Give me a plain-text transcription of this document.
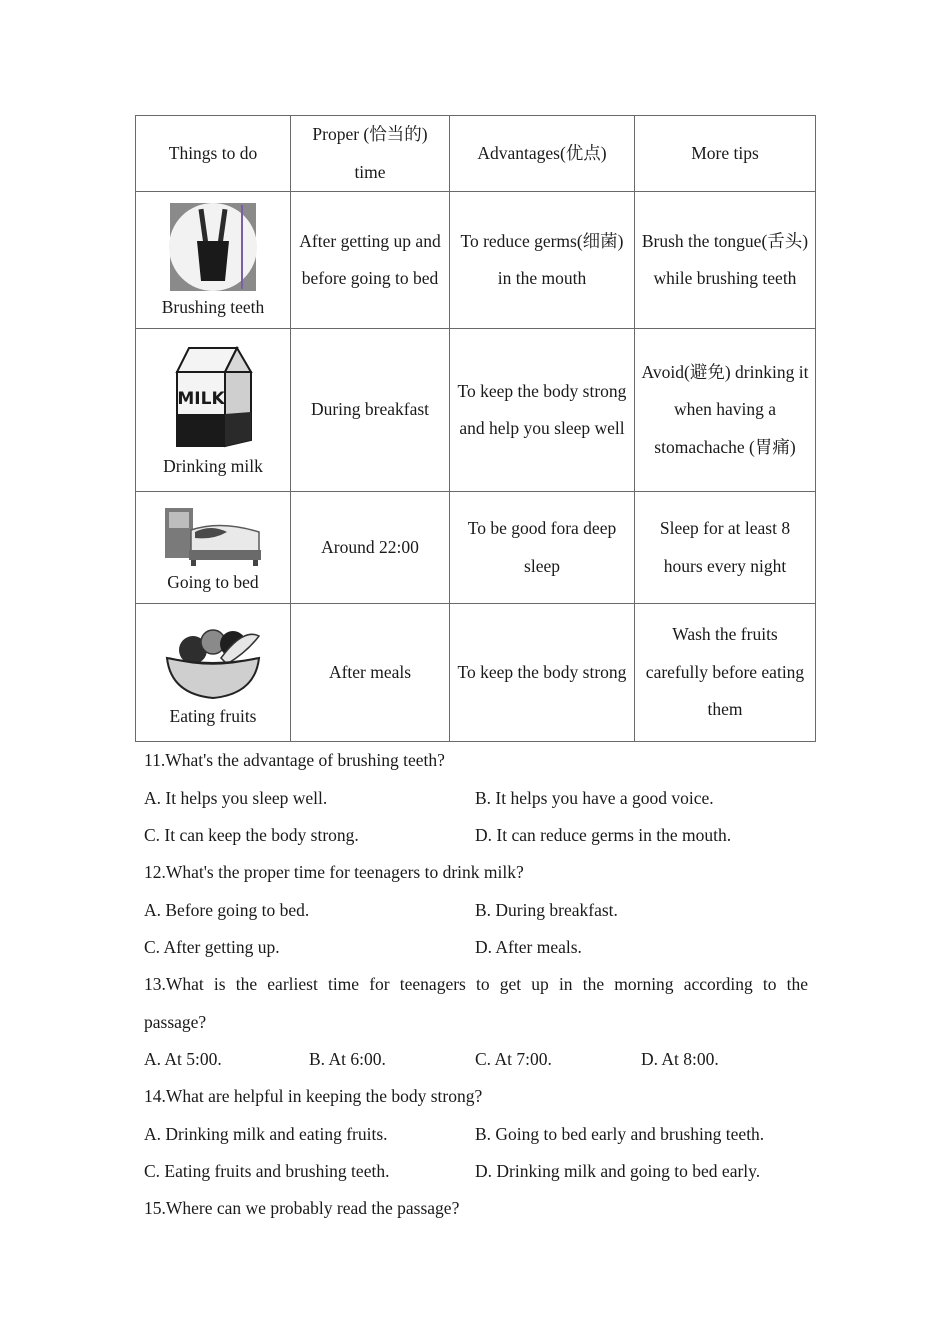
Things to do	Proper (恰当的) time	Advantages(优点)	More tips

Brushing teeth	After getting up and before going to bed	To reduce germs(细菌) in the mouth	Brush the tongue(舌头) while brushing teeth

MILK
Drinking milk	During breakfast	To keep the body strong and help you sleep well	Avoid(避免) drinking it when having a stomachache (胃痛)

Going to bed	Around 22:00	To be good fora deep sleep	Sleep for at least 8 hours every night

Eating fruits	After meals	To keep the body strong	Wash the fruits carefully before eating them
11.What's the advantage of brushing teeth?
A. It helps you sleep well.	B. It helps you have a good voice.
C. It can keep the body strong.	D. It can reduce germs in the mouth.
12.What's the proper time for teenagers to drink milk?
A. Before going to bed.	B. During breakfast.
C. After getting up.	D. After meals.
13.What is the earliest time for teenagers to get up in the morning according to the
passage?
A. At 5:00.	B. At 6:00.	C. At 7:00.	D. At 8:00.
14.What are helpful in keeping the body strong?
A. Drinking milk and eating fruits.	B. Going to bed early and brushing teeth.
C. Eating fruits and brushing teeth.	D. Drinking milk and going to bed early.
15.Where can we probably read the passage?
